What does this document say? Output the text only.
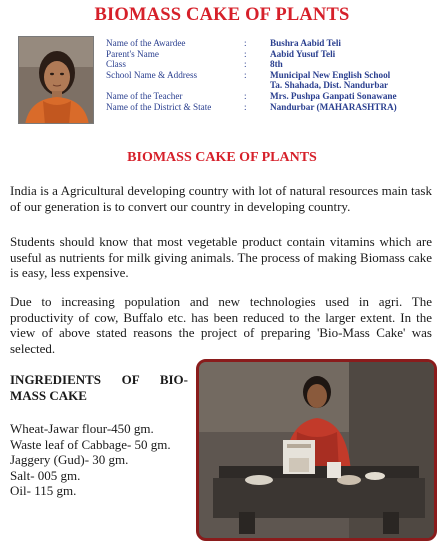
BIOMASS CAKE OF PLANTS
Name of the Awardee	:	Bushra Aabid Teli
Parent's Name	:	Aabid Yusuf Teli
Class	:	8th
School Name & Address	:	Municipal New English School
Ta. Shahada, Dist. Nandurbar
Name of the Teacher	:	Mrs. Pushpa Ganpati Sonawane
Name of the District & State	:	Nandurbar (MAHARASHTRA)
BIOMASS CAKE OF PLANTS

India is a Agricultural developing country with lot of natural resources main task of our generation is to convert our country in developing country.

Students should know that most vegetable product contain vitamins which are useful as nutrients for milk giving animals. The process of making Biomass cake is easy, less expensive.

Due to increasing population and new technologies used in agri. The productivity of cow, Buffalo etc. has been reduced to the larger extent. In the view of above stated reasons the project of preparing 'Bio-Mass Cake' was selected.

INGREDIENTS OF BIO-MASS CAKE
Wheat-Jawar flour-450 gm.
Waste leaf of Cabbage- 50 gm.
Jaggery (Gud)- 30 gm.
Salt- 005 gm.
Oil- 115 gm.
